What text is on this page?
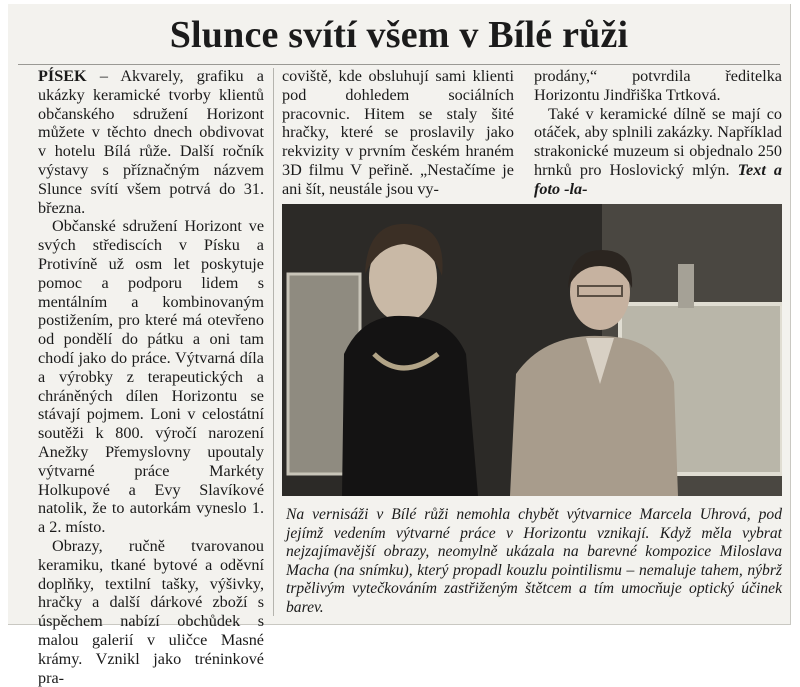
Slunce svítí všem v Bílé růži

PÍSEK – Akvarely, grafiku a ukázky keramické tvorby klientů občanského sdružení Horizont můžete v těchto dnech obdivovat v hotelu Bílá růže. Další ročník výstavy s příznačným názvem Slunce svítí všem potrvá do 31. března.

Občanské sdružení Horizont ve svých střediscích v Písku a Protivíně už osm let poskytuje pomoc a podporu lidem s mentálním a kombinovaným postižením, pro které má otevřeno od pondělí do pátku a oni tam chodí jako do práce. Výtvarná díla a výrobky z terapeutických a chráněných dílen Horizontu se stávají pojmem. Loni v celostátní soutěži k 800. výročí narození Anežky Přemyslovny upoutaly výtvarné práce Markéty Holkupové a Evy Slavíkové natolik, že to autorkám vyneslo 1. a 2. místo.

Obrazy, ručně tvarovanou keramiku, tkané bytové a oděvní doplňky, textilní tašky, výšivky, hračky a další dárkové zboží s úspěchem nabízí obchůdek s malou galerií v uličce Masné krámy. Vznikl jako tréninkové pra-

coviště, kde obsluhují sami klienti pod dohledem sociálních pracovnic. Hitem se staly šité hračky, které se proslavily jako rekvizity v prvním českém hraném 3D filmu V peřině. „Nestačíme je ani šít, neustále jsou vy-

prodány,“ potvrdila ředitelka Horizontu Jindřiška Trtková.

Také v keramické dílně se mají co otáček, aby splnili zakázky. Například strakonické muzeum si objednalo 250 hrnků pro Hoslovický mlýn. Text a foto -la-

Na vernisáži v Bílé růži nemohla chybět výtvarnice Marcela Uhrová, pod jejímž vedením výtvarné práce v Horizontu vznikají. Když měla vybrat nejzajímavější obrazy, neomylně ukázala na barevné kompozice Miloslava Macha (na snímku), který propadl kouzlu pointilismu – nemaluje tahem, nýbrž trpělivým vytečkováním zastřiženým štětcem a tím umocňuje optický účinek barev.
